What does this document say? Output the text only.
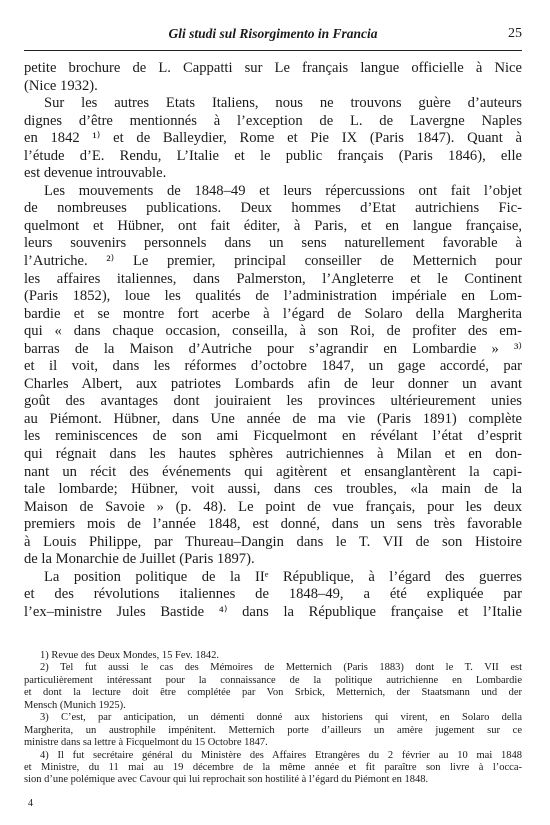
Gli studi sul Risorgimento in Francia	25
petite brochure de L. Cappatti sur Le français langue officielle à Nice
(Nice 1932).
Sur les autres Etats Italiens, nous ne trouvons guère d’auteurs
dignes d’être mentionnés à l’exception de L. de Lavergne Naples
en 1842 ¹⁾ et de Balleydier, Rome et Pie IX (Paris 1847). Quant à
l’étude d’E. Rendu, L’Italie et le public français (Paris 1846), elle
est devenue introuvable.
Les mouvements de 1848–49 et leurs répercussions ont fait l’objet
de nombreuses publications. Deux hommes d’Etat autrichiens Fic-
quelmont et Hübner, ont fait éditer, à Paris, et en langue française,
leurs souvenirs personnels dans un sens naturellement favorable à
l’Autriche. ²⁾ Le premier, principal conseiller de Metternich pour
les affaires italiennes, dans Palmerston, l’Angleterre et le Continent
(Paris 1852), loue les qualités de l’administration impériale en Lom-
bardie et se montre fort acerbe à l’égard de Solaro della Margherita
qui « dans chaque occasion, conseilla, à son Roi, de profiter des em-
barras de la Maison d’Autriche pour s’agrandir en Lombardie » ³⁾
et il voit, dans les réformes d’octobre 1847, un gage accordé, par
Charles Albert, aux patriotes Lombards afin de leur donner un avant
goût des avantages dont jouiraient les provinces ultérieurement unies
au Piémont. Hübner, dans Une année de ma vie (Paris 1891) complète
les reminiscences de son ami Ficquelmont en révélant l’état d’esprit
qui régnait dans les hautes sphères autrichiennes à Milan et en don-
nant un récit des événements qui agitèrent et ensanglantèrent la capi-
tale lombarde; Hübner, voit aussi, dans ces troubles, «la main de la
Maison de Savoie » (p. 48). Le point de vue français, pour les deux
premiers mois de l’année 1848, est donné, dans un sens très favorable
à Louis Philippe, par Thureau–Dangin dans le T. VII de son Histoire
de la Monarchie de Juillet (Paris 1897).
La position politique de la IIᵉ République, à l’égard des guerres
et des révolutions italiennes de 1848–49, a été expliquée par
l’ex–ministre Jules Bastide ⁴⁾ dans la République française et l’Italie
1) Revue des Deux Mondes, 15 Fev. 1842.
2) Tel fut aussi le cas des Mémoires de Metternich (Paris 1883) dont le T. VII est
particulièrement intéressant pour la connaissance de la politique autrichienne en Lombardie
et dont la lecture doit être complétée par Von Srbick, Metternich, der Staatsmann und der
Mensch (Munich 1925).
3) C’est, par anticipation, un démenti donné aux historiens qui virent, en Solaro della
Margherita, un austrophile impénitent. Metternich porte d’ailleurs un amère jugement sur ce
ministre dans sa lettre à Ficquelmont du 15 Octobre 1847.
4) Il fut secrétaire général du Ministère des Affaires Etrangères du 2 février au 10 mai 1848
et Ministre, du 11 mai au 19 décembre de la même année et fit paraître son livre à l’occa-
sion d’une polémique avec Cavour qui lui reprochait son hostilité à l’égard du Piémont en 1848.
4
